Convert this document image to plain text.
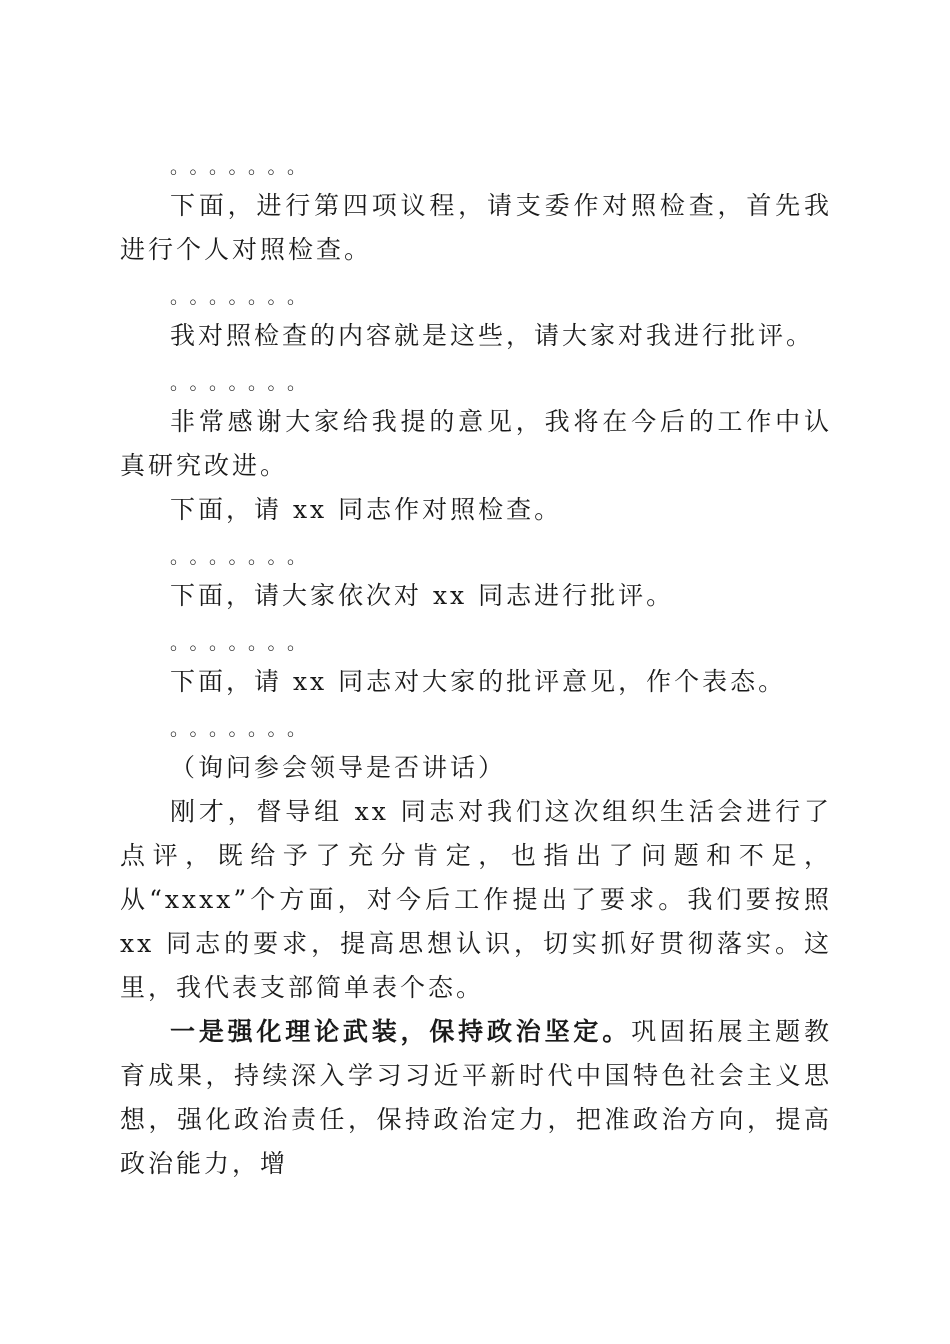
。。。。。。。

下面，进行第四项议程，请支委作对照检查，首先我进行个人对照检查。

。。。。。。。

我对照检查的内容就是这些，请大家对我进行批评。

。。。。。。。

非常感谢大家给我提的意见，我将在今后的工作中认真研究改进。

下面，请 xx 同志作对照检查。

。。。。。。。

下面，请大家依次对 xx 同志进行批评。

。。。。。。。

下面，请 xx 同志对大家的批评意见，作个表态。

。。。。。。。

（询问参会领导是否讲话）

刚才，督导组 xx 同志对我们这次组织生活会进行了点评，既给予了充分肯定，也指出了问题和不足，从“xxxx”个方面，对今后工作提出了要求。我们要按照 xx 同志的要求，提高思想认识，切实抓好贯彻落实。这里，我代表支部简单表个态。

一是强化理论武装，保持政治坚定。巩固拓展主题教育成果，持续深入学习习近平新时代中国特色社会主义思想，强化政治责任，保持政治定力，把准政治方向，提高政治能力，增
